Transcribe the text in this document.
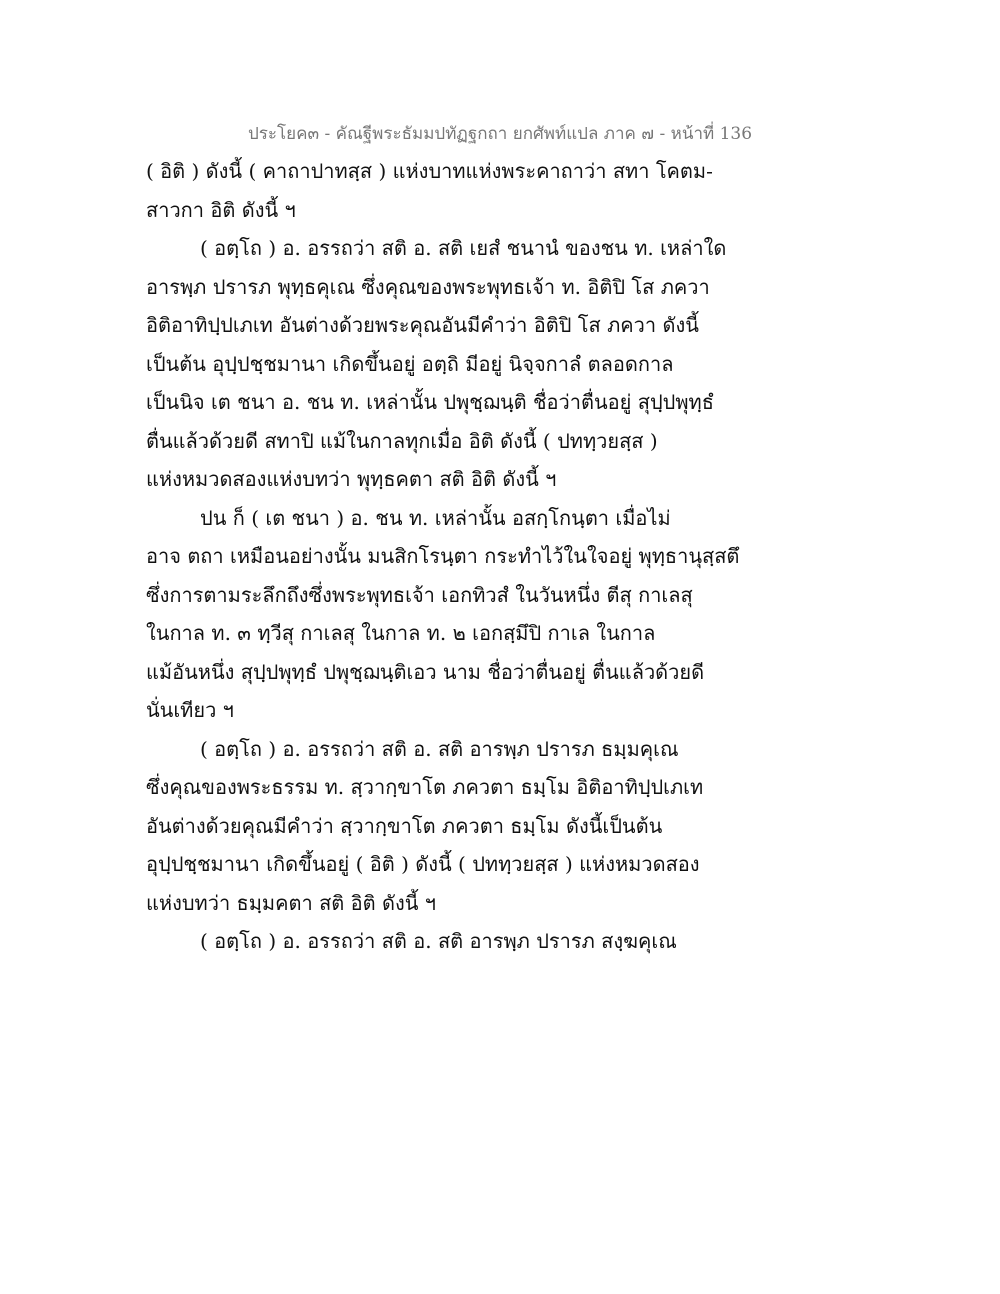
ประโยค๓ - คัณฐีพระธัมมปทัฏฐกถา ยกศัพท์แปล ภาค ๗ - หน้าที่ 136
( อิติ ) ดังนี้ ( คาถาปาทสฺส ) แห่งบาทแห่งพระคาถาว่า สทา โคตม-
สาวกา อิติ ดังนี้ ฯ
( อตฺโถ ) อ. อรรถว่า สติ อ. สติ เยสํ ชนานํ ของชน ท. เหล่าใด
อารพฺภ ปรารภ พุทฺธคุเณ ซึ่งคุณของพระพุทธเจ้า ท. อิติปิ โส ภควา
อิติอาทิปฺปเภเท อันต่างด้วยพระคุณอันมีคำว่า อิติปิ โส ภควา ดังนี้
เป็นต้น อุปฺปชฺชมานา เกิดขึ้นอยู่ อตฺถิ มีอยู่ นิจฺจกาลํ ตลอดกาล
เป็นนิจ เต ชนา อ. ชน ท. เหล่านั้น ปพุชฺฌนฺติ ชื่อว่าตื่นอยู่ สุปฺปพุทฺธํ
ตื่นแล้วด้วยดี สทาปิ แม้ในกาลทุกเมื่อ อิติ ดังนี้ ( ปททฺวยสฺส )
แห่งหมวดสองแห่งบทว่า พุทฺธคตา สติ อิติ ดังนี้ ฯ
ปน ก็ ( เต ชนา ) อ. ชน ท. เหล่านั้น อสกฺโกนฺตา เมื่อไม่
อาจ ตถา เหมือนอย่างนั้น มนสิกโรนฺตา กระทำไว้ในใจอยู่ พุทฺธานุสฺสตึ
ซึ่งการตามระลึกถึงซึ่งพระพุทธเจ้า เอกทิวสํ ในวันหนึ่ง ตีสุ กาเลสุ
ในกาล ท. ๓ ทฺวีสุ กาเลสุ ในกาล ท. ๒ เอกสฺมึปิ กาเล ในกาล
แม้อันหนึ่ง สุปฺปพุทฺธํ ปพุชฺฌนฺติเอว นาม ชื่อว่าตื่นอยู่ ตื่นแล้วด้วยดี
นั่นเทียว ฯ
( อตฺโถ ) อ. อรรถว่า สติ อ. สติ อารพฺภ ปรารภ ธมฺมคุเณ
ซึ่งคุณของพระธรรม ท. สฺวากฺขาโต ภควตา ธมฺโม อิติอาทิปฺปเภเท
อันต่างด้วยคุณมีคำว่า สฺวากฺขาโต ภควตา ธมฺโม ดังนี้เป็นต้น
อุปฺปชฺชมานา เกิดขึ้นอยู่ ( อิติ ) ดังนี้ ( ปททฺวยสฺส ) แห่งหมวดสอง
แห่งบทว่า ธมฺมคตา สติ อิติ ดังนี้ ฯ
( อตฺโถ ) อ. อรรถว่า สติ อ. สติ อารพฺภ ปรารภ สงฺฆคุเณ
